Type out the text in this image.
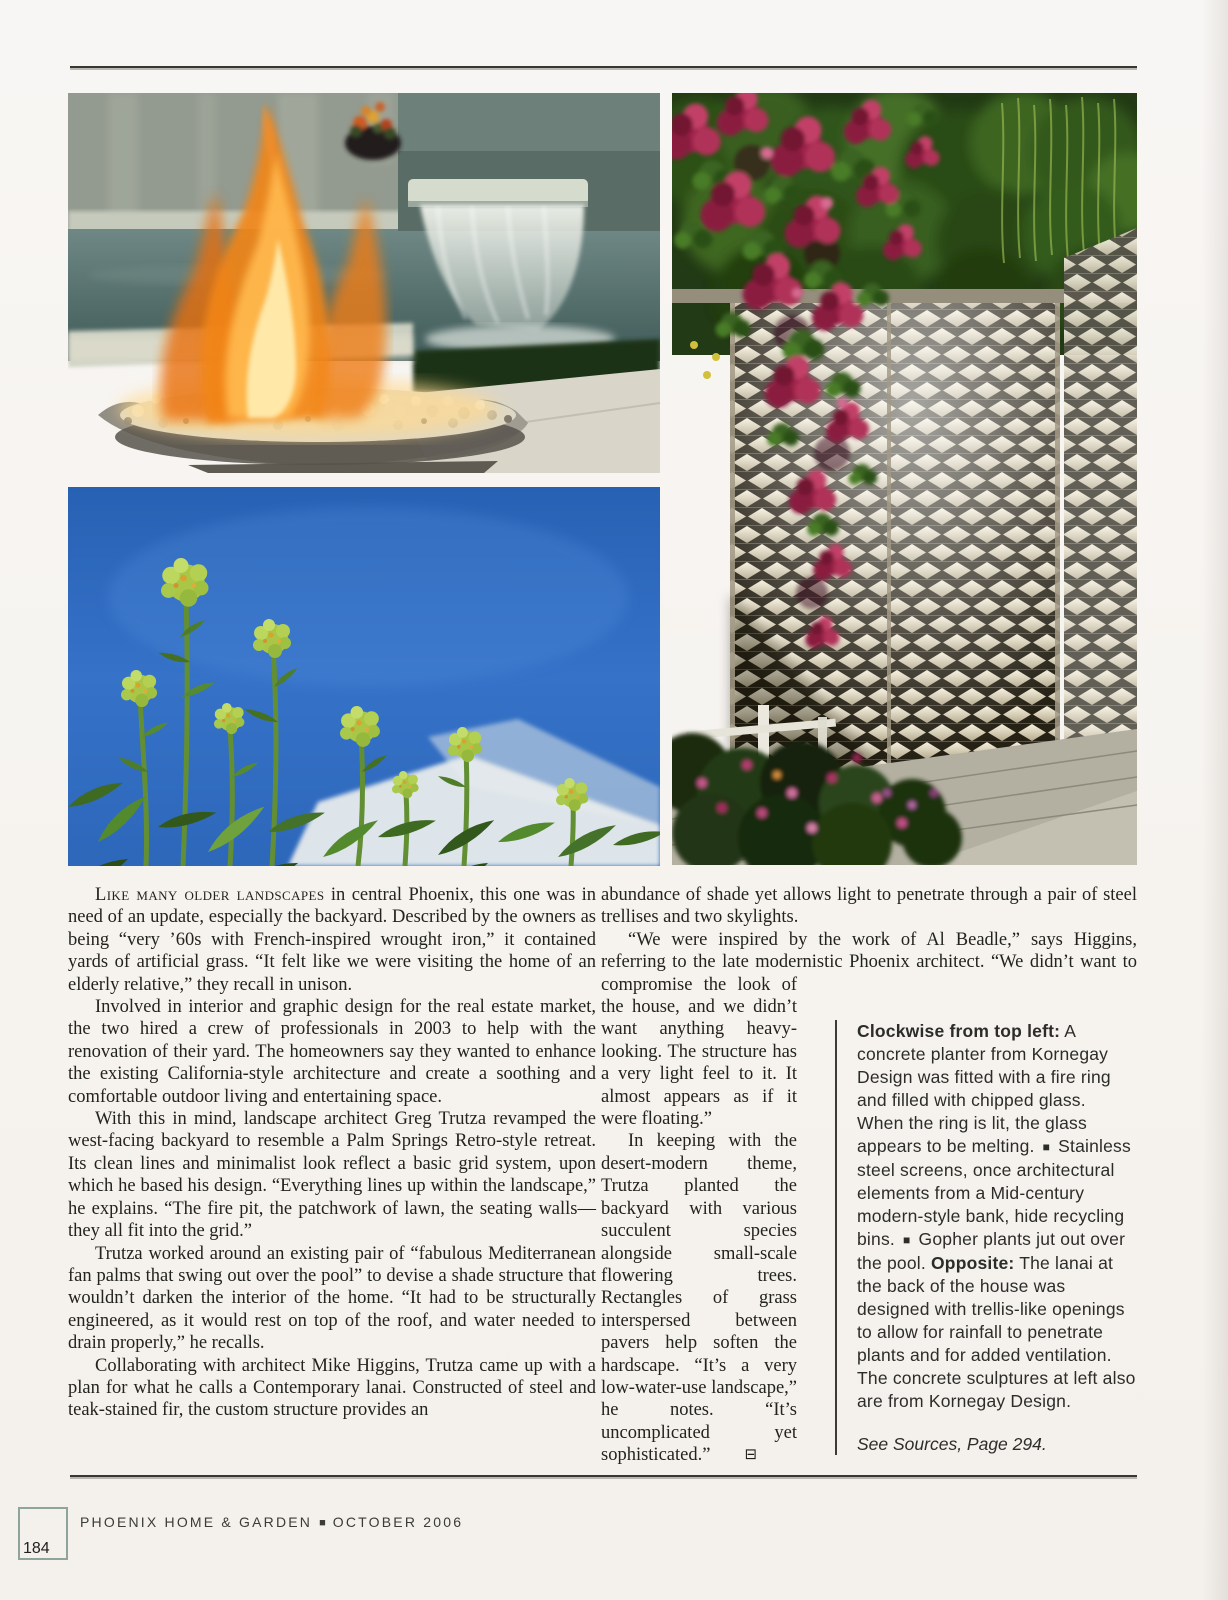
Like many older landscapes in central Phoenix, this one was in need of an update, especially the backyard. Described by the owners as being “very ’60s with French-inspired wrought iron,” it contained yards of artificial grass. “It felt like we were visiting the home of an elderly relative,” they recall in unison.

Involved in interior and graphic design for the real estate market, the two hired a crew of professionals in 2003 to help with the renovation of their yard. The homeowners say they wanted to enhance the existing California-style architecture and create a soothing and comfortable outdoor living and entertaining space.

With this in mind, landscape architect Greg Trutza revamped the west-facing backyard to resemble a Palm Springs Retro-style retreat. Its clean lines and minimalist look reflect a basic grid system, upon which he based his design. “Everything lines up within the landscape,” he explains. “The fire pit, the patchwork of lawn, the seating walls—they all fit into the grid.”

Trutza worked around an existing pair of “fabulous Mediterranean fan palms that swing out over the pool” to devise a shade structure that wouldn’t darken the interior of the home. “It had to be structurally engineered, as it would rest on top of the roof, and water needed to drain properly,” he recalls.

Collaborating with architect Mike Higgins, Trutza came up with a plan for what he calls a Contemporary lanai. Constructed of steel and teak-stained fir, the custom structure provides an

Clockwise from top left: A concrete planter from Kornegay Design was fitted with a fire ring and filled with chipped glass. When the ring is lit, the glass appears to be melting. ■ Stainless steel screens, once architectural elements from a Mid-century modern-style bank, hide recycling bins. ■ Gopher plants jut out over the pool. Opposite: The lanai at the back of the house was designed with trellis-like openings to allow for rainfall to penetrate plants and for added ventilation. The concrete sculptures at left also are from Kornegay Design.

See Sources, Page 294.

abundance of shade yet allows light to penetrate through a pair of steel trellises and two skylights.

“We were inspired by the work of Al Beadle,” says Higgins, referring to the late modernistic Phoenix architect. “We didn’t want to compromise the look of the house, and we didn’t want anything heavy-looking. The structure has a very light feel to it. It almost appears as if it were floating.”

In keeping with the desert-modern theme, Trutza planted the backyard with various succulent species alongside small-scale flowering trees. Rectangles of grass interspersed between pavers help soften the hardscape. “It’s a very low-water-use landscape,” he notes. “It’s uncomplicated yet sophisticated.” ⊟

184
PHOENIX HOME & GARDEN ■ OCTOBER 2006
